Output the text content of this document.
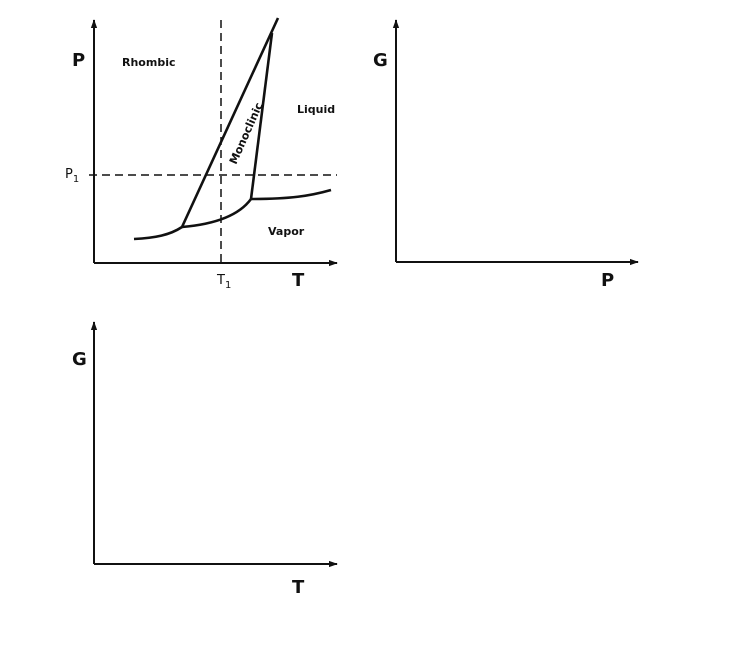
P
T
Rhombic
Liquid
Vapor
Monoclinic
$P_1$
$T_1$
G
P
G
T
